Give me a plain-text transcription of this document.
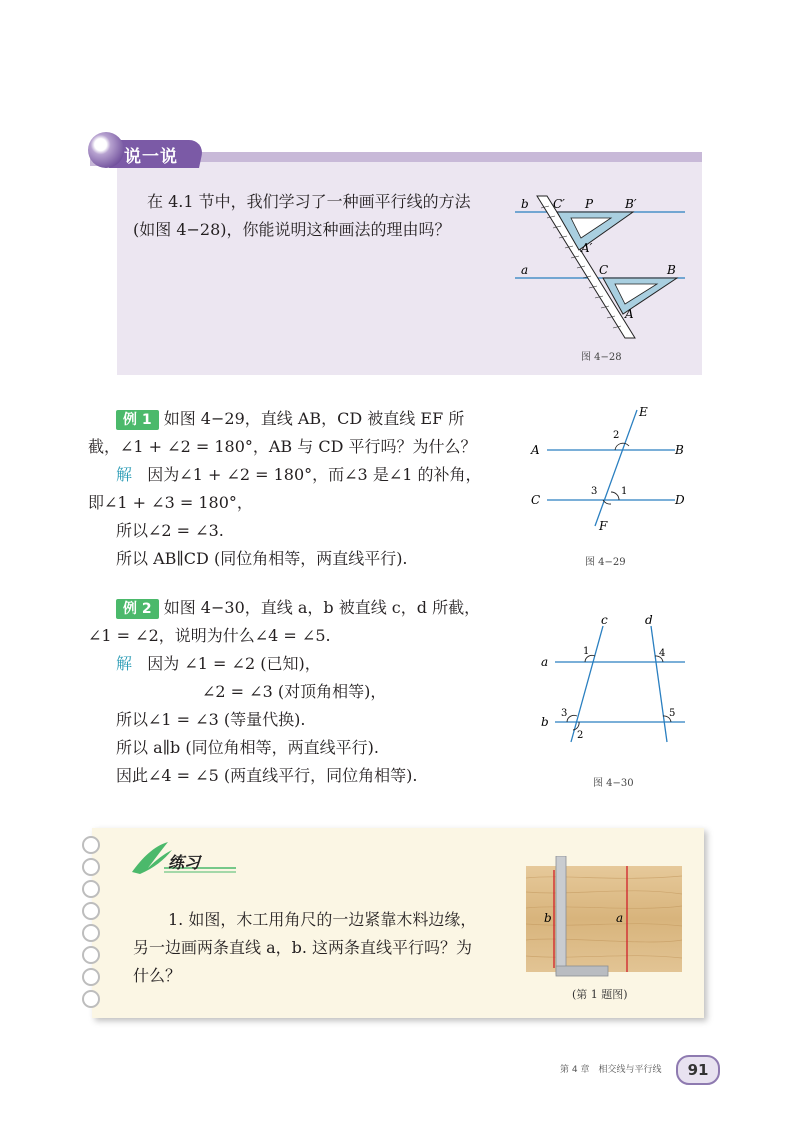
说一说
在 4.1 节中，我们学习了一种画平行线的方法
(如图 4−28)，你能说明这种画法的理由吗？
b C′ P	B′
A′
a	C	B
A
图 4−28
例 1 如图 4−29，直线 AB，CD 被直线 EF 所
截，∠1 + ∠2 = 180°，AB 与 CD 平行吗？为什么？
解 因为∠1 + ∠2 = 180°，而∠3 是∠1 的补角，
即∠1 + ∠3 = 180°，
所以∠2 = ∠3.
所以 AB∥CD (同位角相等，两直线平行).
E
A	B
C	D
F
2
3 1
图 4−29
例 2 如图 4−30，直线 a，b 被直线 c，d 所截，
∠1 = ∠2，说明为什么∠4 = ∠5.
解 因为 ∠1 = ∠2 (已知)，
∠2 = ∠3 (对顶角相等)，
所以∠1 = ∠3 (等量代换).
所以 a∥b (同位角相等，两直线平行).
因此∠4 = ∠5 (两直线平行，同位角相等).
c	d
a
b
1	4
3
2
5
图 4−30
练习
1. 如图，木工用角尺的一边紧靠木料边缘，
另一边画两条直线 a，b. 这两条直线平行吗？为
什么？
b	a
(第 1 题图)
第 4 章　相交线与平行线	91
